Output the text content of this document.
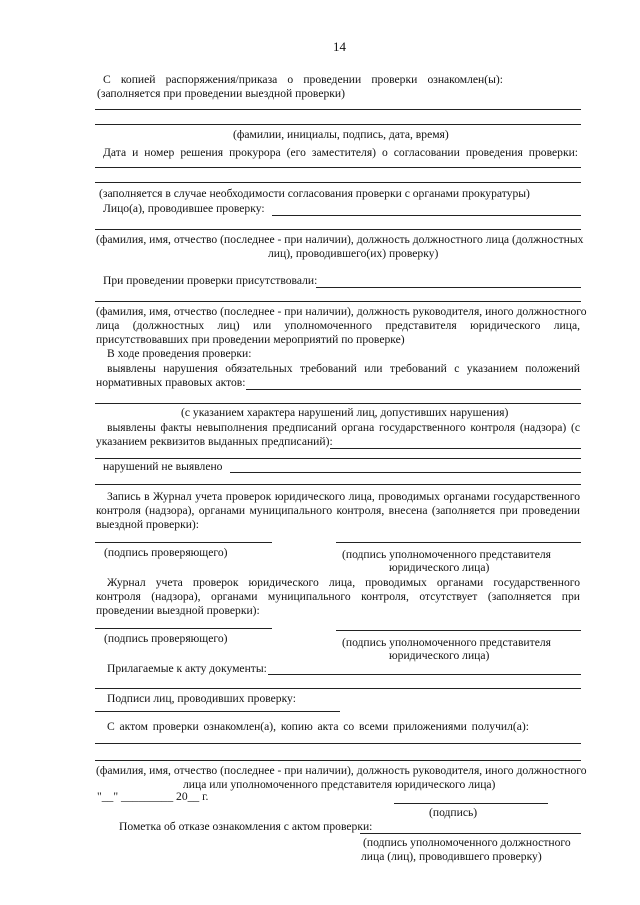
14
С копией распоряжения/приказа о проведении проверки ознакомлен(ы):
(заполняется при проведении выездной проверки)
(фамилии, инициалы, подпись, дата, время)
Дата и номер решения прокурора (его заместителя) о согласовании проведения проверки:
(заполняется в случае необходимости согласования проверки с органами прокуратуры)
Лицо(а), проводившее проверку:
(фамилия, имя, отчество (последнее - при наличии), должность должностного лица (должностных
лиц), проводившего(их) проверку)
При проведении проверки присутствовали:
(фамилия, имя, отчество (последнее - при наличии), должность руководителя, иного должностного
лица (должностных лиц) или уполномоченного представителя юридического лица,
присутствовавших при проведении мероприятий по проверке)
В ходе проведения проверки:
выявлены нарушения обязательных требований или требований с указанием положений
нормативных правовых актов:
(с указанием характера нарушений лиц, допустивших нарушения)
выявлены факты невыполнения предписаний органа государственного контроля (надзора) (с
указанием реквизитов выданных предписаний):
нарушений не выявлено
Запись в Журнал учета проверок юридического лица, проводимых органами государственного
контроля (надзора), органами муниципального контроля, внесена (заполняется при проведении
выездной проверки):
(подпись проверяющего)	(подпись уполномоченного представителя
юридического лица)
Журнал учета проверок юридического лица, проводимых органами государственного
контроля (надзора), органами муниципального контроля, отсутствует (заполняется при
проведении выездной проверки):
(подпись проверяющего)	(подпись уполномоченного представителя
юридического лица)
Прилагаемые к акту документы:
Подписи лиц, проводивших проверку:
С актом проверки ознакомлен(а), копию акта со всеми приложениями получил(а):
(фамилия, имя, отчество (последнее - при наличии), должность руководителя, иного должностного
лица или уполномоченного представителя юридического лица)
"__" _________ 20__ г.
(подпись)
Пометка об отказе ознакомления с актом проверки:
(подпись уполномоченного должностного
лица (лиц), проводившего проверку)
